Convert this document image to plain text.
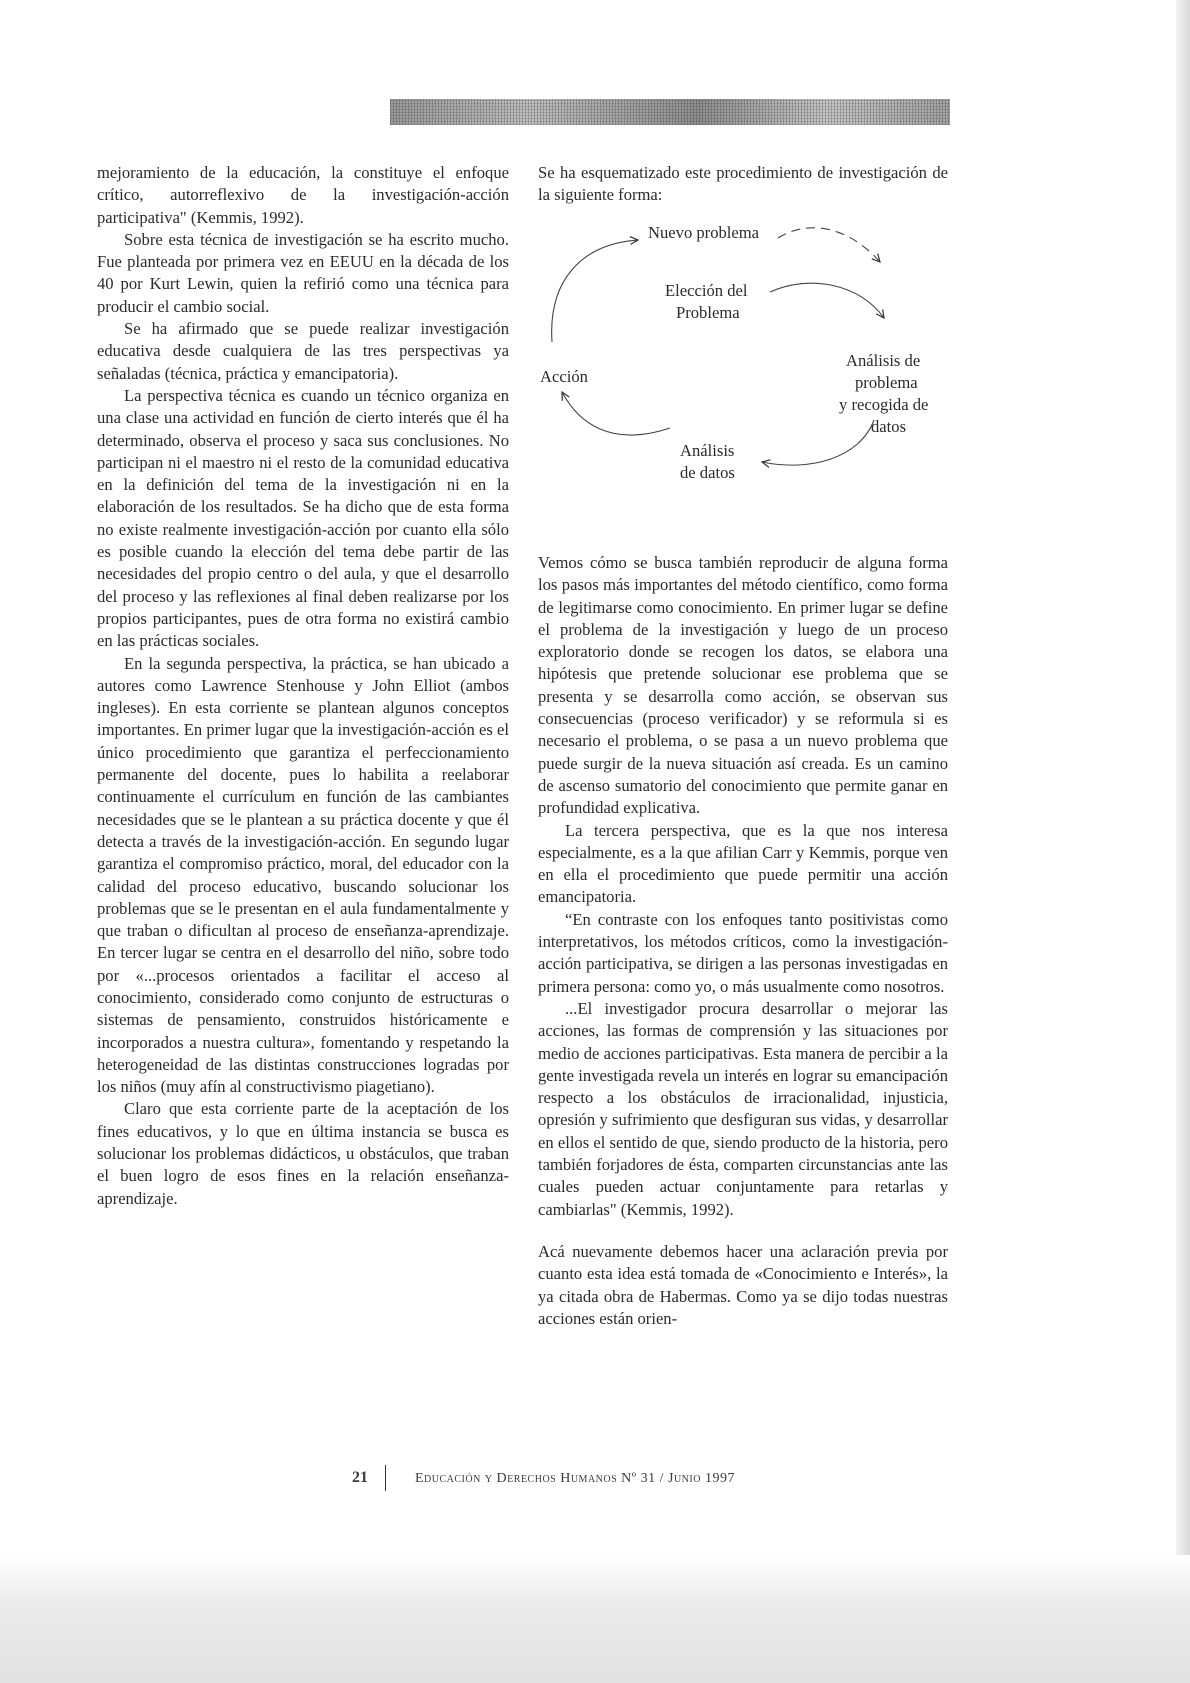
mejoramiento de la educación, la constituye el enfoque crítico, autorreflexivo de la investigación-acción participativa" (Kemmis, 1992).

Sobre esta técnica de investigación se ha escrito mucho. Fue planteada por primera vez en EEUU en la década de los 40 por Kurt Lewin, quien la refirió como una técnica para producir el cambio social.

Se ha afirmado que se puede realizar investigación educativa desde cualquiera de las tres perspectivas ya señaladas (técnica, práctica y emancipatoria).

La perspectiva técnica es cuando un técnico organiza en una clase una actividad en función de cierto interés que él ha determinado, observa el proceso y saca sus conclusiones. No participan ni el maestro ni el resto de la comunidad educativa en la definición del tema de la investigación ni en la elaboración de los resultados. Se ha dicho que de esta forma no existe realmente investigación-acción por cuanto ella sólo es posible cuando la elección del tema debe partir de las necesidades del propio centro o del aula, y que el desarrollo del proceso y las reflexiones al final deben realizarse por los propios participantes, pues de otra forma no existirá cambio en las prácticas sociales.

En la segunda perspectiva, la práctica, se han ubicado a autores como Lawrence Stenhouse y John Elliot (ambos ingleses). En esta corriente se plantean algunos conceptos importantes. En primer lugar que la investigación-acción es el único procedimiento que garantiza el perfeccionamiento permanente del docente, pues lo habilita a reelaborar continuamente el currículum en función de las cambiantes necesidades que se le plantean a su práctica docente y que él detecta a través de la investigación-acción. En segundo lugar garantiza el compromiso práctico, moral, del educador con la calidad del proceso educativo, buscando solucionar los problemas que se le presentan en el aula fundamentalmente y que traban o dificultan al proceso de enseñanza-aprendizaje. En tercer lugar se centra en el desarrollo del niño, sobre todo por «...procesos orientados a facilitar el acceso al conocimiento, considerado como conjunto de estructuras o sistemas de pensamiento, construidos históricamente e incorporados a nuestra cultura», fomentando y respetando la heterogeneidad de las distintas construcciones logradas por los niños (muy afín al constructivismo piagetiano).

Claro que esta corriente parte de la aceptación de los fines educativos, y lo que en última instancia se busca es solucionar los problemas didácticos, u obstáculos, que traban el buen logro de esos fines en la relación enseñanza-aprendizaje.

Se ha esquematizado este procedimiento de investigación de la siguiente forma:

Nuevo problema
Elección del
Problema
Análisis de
problema
y recogida de
datos
Acción
Análisis
de datos

Vemos cómo se busca también reproducir de alguna forma los pasos más importantes del método científico, como forma de legitimarse como conocimiento. En primer lugar se define el problema de la investigación y luego de un proceso exploratorio donde se recogen los datos, se elabora una hipótesis que pretende solucionar ese problema que se presenta y se desarrolla como acción, se observan sus consecuencias (proceso verificador) y se reformula si es necesario el problema, o se pasa a un nuevo problema que puede surgir de la nueva situación así creada. Es un camino de ascenso sumatorio del conocimiento que permite ganar en profundidad explicativa.

La tercera perspectiva, que es la que nos interesa especialmente, es a la que afilian Carr y Kemmis, porque ven en ella el procedimiento que puede permitir una acción emancipatoria.

“En contraste con los enfoques tanto positivistas como interpretativos, los métodos críticos, como la investigación-acción participativa, se dirigen a las personas investigadas en primera persona: como yo, o más usualmente como nosotros.

...El investigador procura desarrollar o mejorar las acciones, las formas de comprensión y las situaciones por medio de acciones participativas. Esta manera de percibir a la gente investigada revela un interés en lograr su emancipación respecto a los obstáculos de irracionalidad, injusticia, opresión y sufrimiento que desfiguran sus vidas, y desarrollar en ellos el sentido de que, siendo producto de la historia, pero también forjadores de ésta, comparten circunstancias ante las cuales pueden actuar conjuntamente para retarlas y cambiarlas" (Kemmis, 1992).

Acá nuevamente debemos hacer una aclaración previa por cuanto esta idea está tomada de «Conocimiento e Interés», la ya citada obra de Habermas. Como ya se dijo todas nuestras acciones están orien-

21	Educación y Derechos Humanos Nº 31 / Junio 1997
